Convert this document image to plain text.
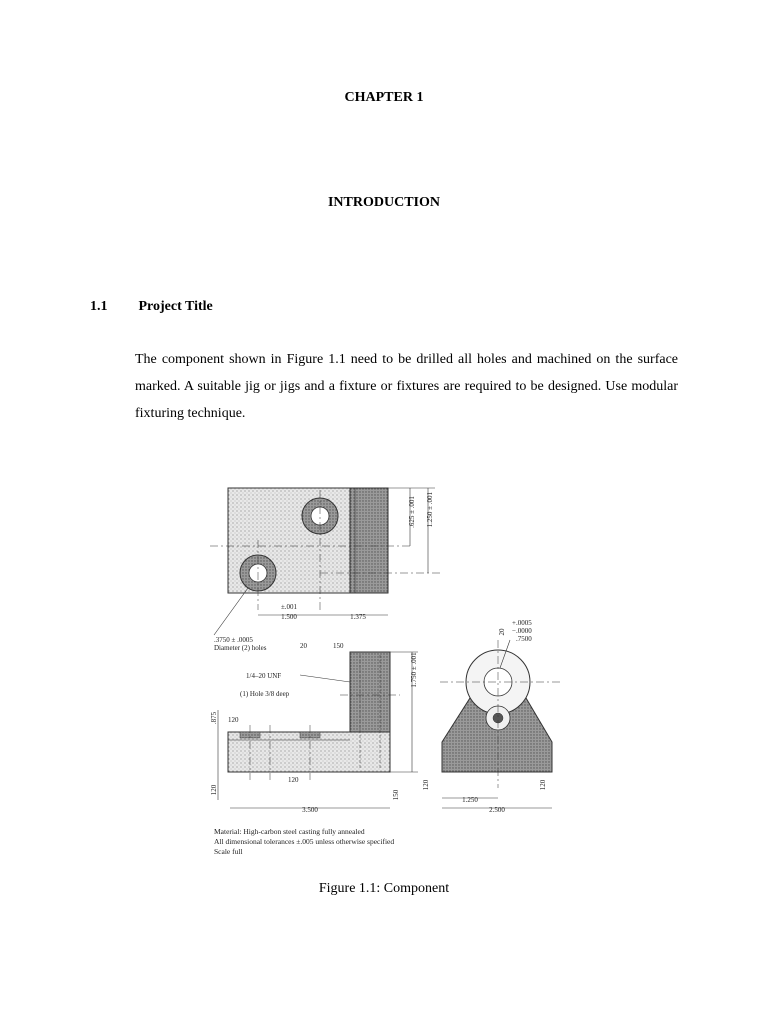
CHAPTER 1
INTRODUCTION
1.1 Project Title
The component shown in Figure 1.1 need to be drilled all holes and machined on the surface marked. A suitable jig or jigs and a fixture or fixtures are required to be designed. Use modular fixturing technique.
.625 ± .001 1.250 ± .001
±.001
1.500	1.375
.3750 ± .0005
Diameter (2) holes	20	150
.875
120
3.500
1.750 ± .001
120
120
150
1/4–20 UNF
(1) Hole 3/8 deep
1.250
2.500
120	120
+.0005
−.0000
.7500
20
Material: High-carbon steel casting fully annealed
All dimensional tolerances ±.005 unless otherwise specified
Scale full
Figure 1.1: Component
